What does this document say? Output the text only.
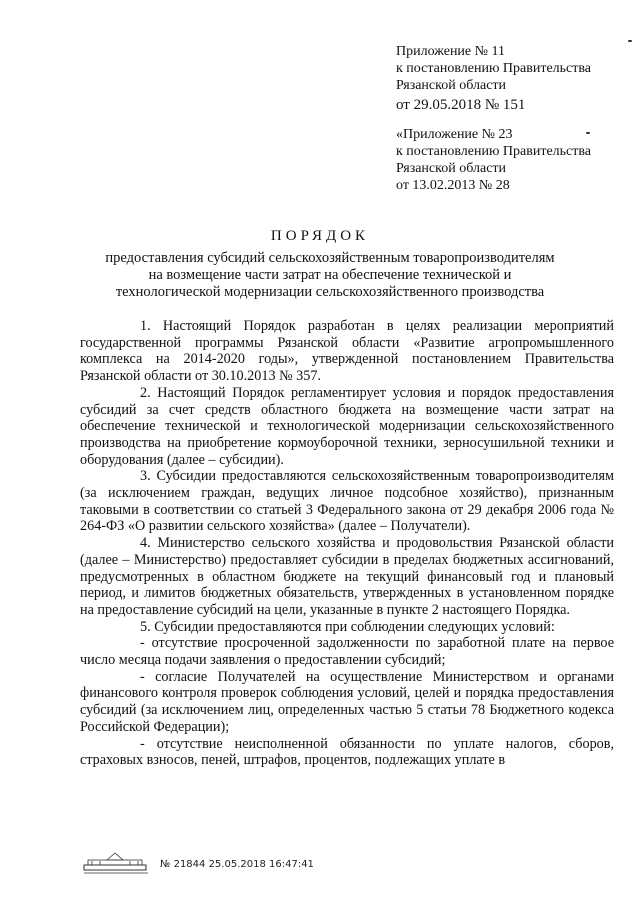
Приложение № 11
к постановлению Правительства
Рязанской области
от 29.05.2018 № 151
«Приложение № 23
к постановлению Правительства
Рязанской области
от 13.02.2013 № 28
ПОРЯДОК
предоставления субсидий сельскохозяйственным товаропроизводителям
на возмещение части затрат на обеспечение технической и
технологической модернизации сельскохозяйственного производства

1. Настоящий Порядок разработан в целях реализации мероприятий государственной программы Рязанской области «Развитие агропромышленного комплекса на 2014-2020 годы», утвержденной постановлением Правительства Рязанской области от 30.10.2013 № 357.

2. Настоящий Порядок регламентирует условия и порядок предоставления субсидий за счет средств областного бюджета на возмещение части затрат на обеспечение технической и технологической модернизации сельскохозяйственного производства на приобретение кормоуборочной техники, зерносушильной техники и оборудования (далее – субсидии).

3. Субсидии предоставляются сельскохозяйственным товаропроизводителям (за исключением граждан, ведущих личное подсобное хозяйство), признанным таковыми в соответствии со статьей 3 Федерального закона от 29 декабря 2006 года № 264-ФЗ «О развитии сельского хозяйства» (далее – Получатели).

4. Министерство сельского хозяйства и продовольствия Рязанской области (далее – Министерство) предоставляет субсидии в пределах бюджетных ассигнований, предусмотренных в областном бюджете на текущий финансовый год и плановый период, и лимитов бюджетных обязательств, утвержденных в установленном порядке на предоставление субсидий на цели, указанные в пункте 2 настоящего Порядка.

5. Субсидии предоставляются при соблюдении следующих условий:

- отсутствие просроченной задолженности по заработной плате на первое число месяца подачи заявления о предоставлении субсидий;

- согласие Получателей на осуществление Министерством и органами финансового контроля проверок соблюдения условий, целей и порядка предоставления субсидий (за исключением лиц, определенных частью 5 статьи 78 Бюджетного кодекса Российской Федерации);

- отсутствие неисполненной обязанности по уплате налогов, сборов, страховых взносов, пеней, штрафов, процентов, подлежащих уплате в

№ 21844 25.05.2018 16:47:41
